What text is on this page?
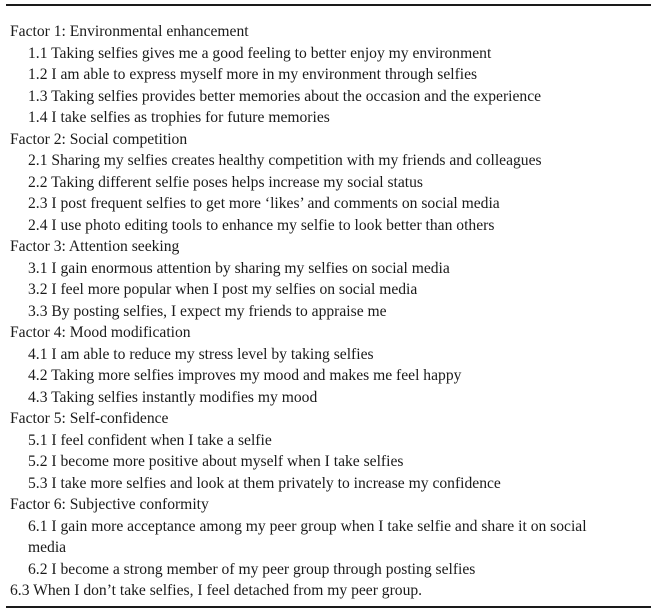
Factor 1: Environmental enhancement
1.1 Taking selfies gives me a good feeling to better enjoy my environment
1.2 I am able to express myself more in my environment through selfies
1.3 Taking selfies provides better memories about the occasion and the experience
1.4 I take selfies as trophies for future memories
Factor 2: Social competition
2.1 Sharing my selfies creates healthy competition with my friends and colleagues
2.2 Taking different selfie poses helps increase my social status
2.3 I post frequent selfies to get more ‘likes’ and comments on social media
2.4 I use photo editing tools to enhance my selfie to look better than others
Factor 3: Attention seeking
3.1 I gain enormous attention by sharing my selfies on social media
3.2 I feel more popular when I post my selfies on social media
3.3 By posting selfies, I expect my friends to appraise me
Factor 4: Mood modification
4.1 I am able to reduce my stress level by taking selfies
4.2 Taking more selfies improves my mood and makes me feel happy
4.3 Taking selfies instantly modifies my mood
Factor 5: Self-confidence
5.1 I feel confident when I take a selfie
5.2 I become more positive about myself when I take selfies
5.3 I take more selfies and look at them privately to increase my confidence
Factor 6: Subjective conformity
6.1 I gain more acceptance among my peer group when I take selfie and share it on social media
6.2 I become a strong member of my peer group through posting selfies
6.3 When I don’t take selfies, I feel detached from my peer group.
